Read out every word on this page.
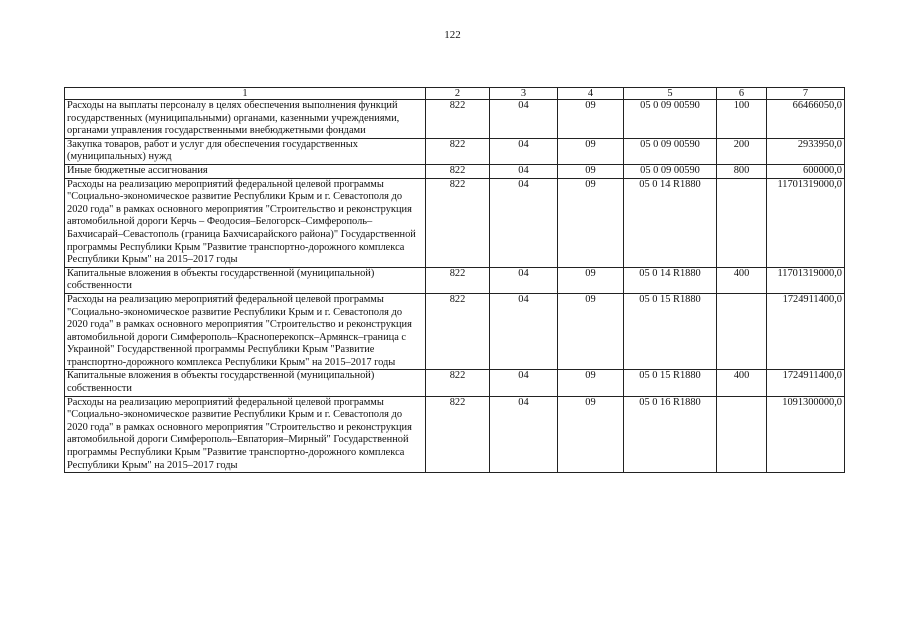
122
1	2	3	4	5	6	7
Расходы на выплаты персоналу в целях обеспечения выполнения функций государственных (муниципальными) органами, казенными учреждениями, органами управления государственными внебюджетными фондами	822	04	09	05 0 09 00590	100	66466050,0
Закупка товаров, работ и услуг для обеспечения государственных (муниципальных) нужд	822	04	09	05 0 09 00590	200	2933950,0
Иные бюджетные ассигнования	822	04	09	05 0 09 00590	800	600000,0
Расходы на реализацию мероприятий федеральной целевой программы "Социально-экономическое развитие Республики Крым и г. Севастополя до 2020 года" в рамках основного мероприятия "Строительство и реконструкция автомобильной дороги Керчь – Феодосия–Белогорск–Симферополь–Бахчисарай–Севастополь (граница Бахчисарайского района)" Государственной программы Республики Крым "Развитие транспортно-дорожного комплекса Республики Крым" на 2015–2017 годы	822	04	09	05 0 14 R1880		11701319000,0
Капитальные вложения в объекты государственной (муниципальной) собственности	822	04	09	05 0 14 R1880	400	11701319000,0
Расходы на реализацию мероприятий федеральной целевой программы "Социально-экономическое развитие Республики Крым и г. Севастополя до 2020 года" в рамках основного мероприятия "Строительство и реконструкция автомобильной дороги Симферополь–Красноперекопск–Армянск–граница с Украиной" Государственной программы Республики Крым "Развитие транспортно-дорожного комплекса Республики Крым" на 2015–2017 годы	822	04	09	05 0 15 R1880		1724911400,0
Капитальные вложения в объекты государственной (муниципальной) собственности	822	04	09	05 0 15 R1880	400	1724911400,0
Расходы на реализацию мероприятий федеральной целевой программы "Социально-экономическое развитие Республики Крым и г. Севастополя до 2020 года" в рамках основного мероприятия "Строительство и реконструкция автомобильной дороги Симферополь–Евпатория–Мирный" Государственной программы Республики Крым "Развитие транспортно-дорожного комплекса Республики Крым" на 2015–2017 годы	822	04	09	05 0 16 R1880		1091300000,0
